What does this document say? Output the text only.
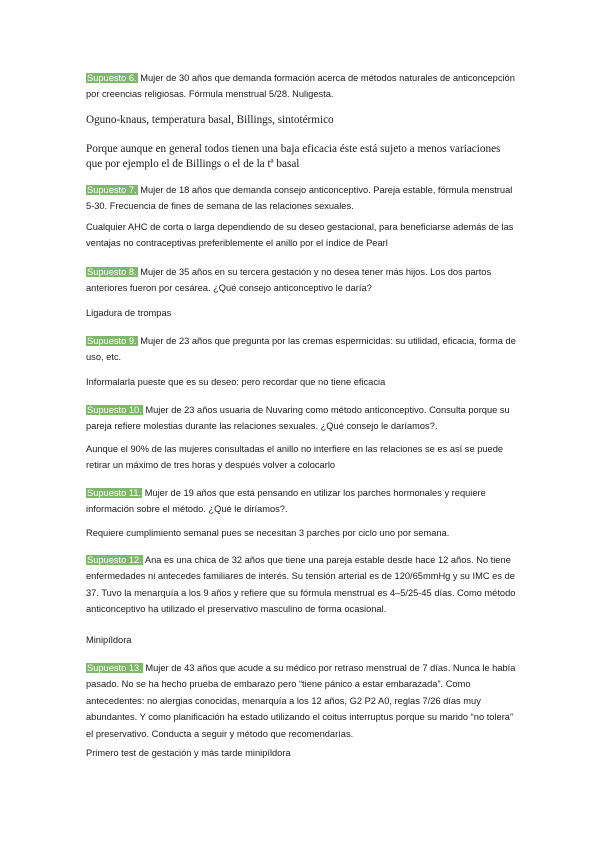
Supuesto 6. Mujer de 30 años que demanda formación acerca de métodos naturales de anticoncepción por creencias religiosas. Fórmula menstrual 5/28. Nuligesta.
Oguno-knaus, temperatura basal, Billings, sintotérmico
Porque aunque en general todos tienen una baja eficacia éste está sujeto a menos variaciones que por ejemplo el de Billings o el de la tª basal
Supuesto 7. Mujer de 18 años que demanda consejo anticonceptivo. Pareja estable, fórmula menstrual 5-30. Frecuencia de fines de semana de las relaciones sexuales.
Cualquier AHC de corta o larga dependiendo de su deseo gestacional, para beneficiarse además de las ventajas no contraceptivas preferiblemente el anillo por el índice de Pearl
Supuesto 8. Mujer de 35 años en su tercera gestación y no desea tener más hijos. Los dos partos anteriores fueron por cesárea. ¿Qué consejo anticonceptivo le daría?
Ligadura de trompas
Supuesto 9. Mujer de 23 años que pregunta por las cremas espermicidas: su utilidad, eficacia, forma de uso, etc.
Informalarla pueste que es su deseo: pero recordar que no tiene eficacia
Supuesto 10. Mujer de 23 años usuaria de Nuvaring como método anticonceptivo. Consulta porque su pareja refiere molestias durante las relaciones sexuales. ¿Qué consejo le daríamos?.
Aunque el 90% de las mujeres consultadas el anillo no interfiere en las relaciones se es así se puede retirar un máximo de tres horas y después volver a colocarlo
Supuesto 11. Mujer de 19 años que está pensando en utilizar los parches hormonales y requiere información sobre el método. ¿Qué le diríamos?.
Requiere cumplimiento semanal pues se necesitan 3 parches por ciclo uno por semana.
Supuesto 12. Ana es una chica de 32 años que tiene una pareja estable desde hace 12 años. No tiene enfermedades ni antecedes familiares de interés. Su tensión arterial es de 120/65mmHg y su IMC es de 37. Tuvo la menarquía a los 9 años y refiere que su fórmula menstrual es 4–5/25-45 días. Como método anticonceptivo ha utilizado el preservativo masculino de forma ocasional.
Minipíldora
Supuesto 13. Mujer de 43 años que acude a su médico por retraso menstrual de 7 días. Nunca le había pasado. No se ha hecho prueba de embarazo pero “tiene pánico a estar embarazada”. Como antecedentes: no alergias conocidas, menarquía a los 12 años, G2 P2 A0, reglas 7/26 días muy abundantes. Y como planificación ha estado utilizando el coitus interruptus porque su marido “no tolera” el preservativo. Conducta a seguir y método que recomendarías.
Primero test de gestación y más tarde minipíldora
